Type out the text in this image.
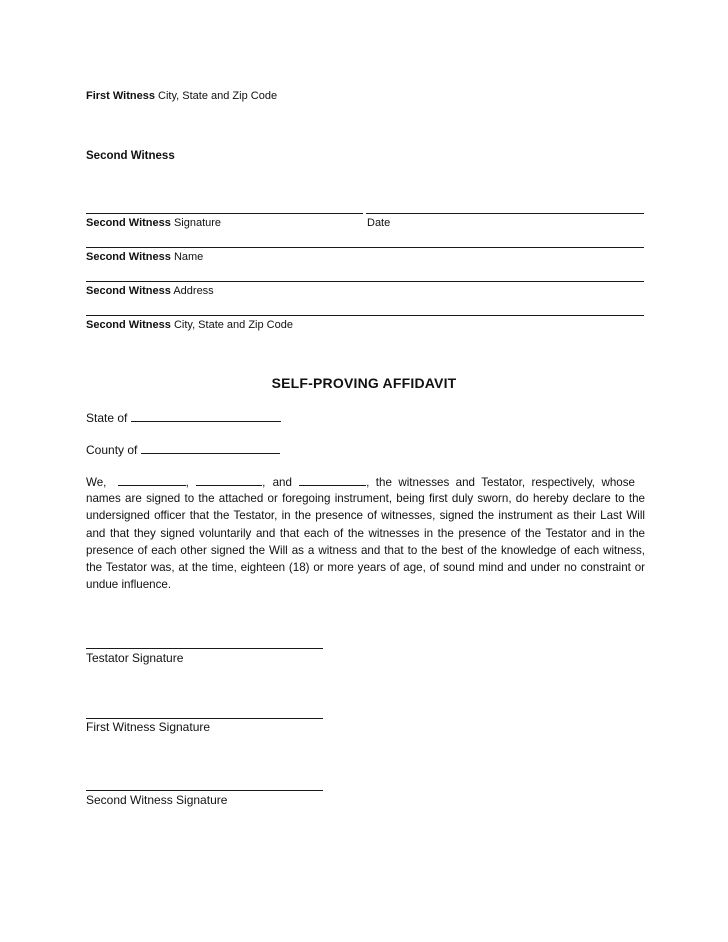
First Witness City, State and Zip Code
Second Witness
Second Witness Signature	Date
Second Witness Name
Second Witness Address
Second Witness City, State and Zip Code
SELF-PROVING AFFIDAVIT
State of
County of
We,	,	, and	, the witnesses and Testator, respectively, whose
names are signed to the attached or foregoing instrument, being first duly sworn, do hereby declare to the undersigned officer that the Testator, in the presence of witnesses, signed the instrument as their Last Will and that they signed voluntarily and that each of the witnesses in the presence of the Testator and in the presence of each other signed the Will as a witness and that to the best of the knowledge of each witness, the Testator was, at the time, eighteen (18) or more years of age, of sound mind and under no constraint or undue influence.
Testator Signature
First Witness Signature
Second Witness Signature
